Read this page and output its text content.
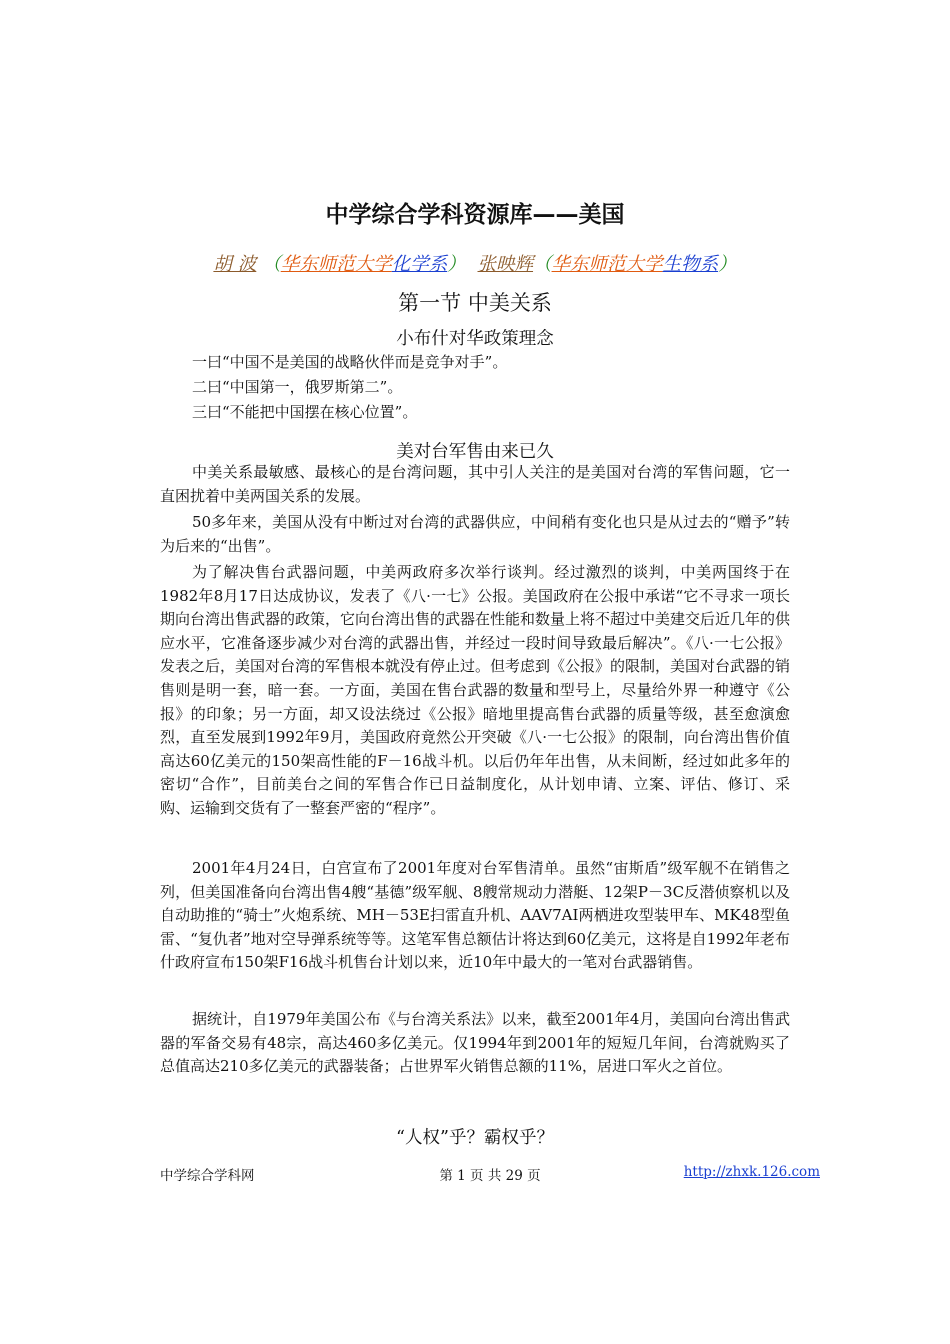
中学综合学科资源库——美国
胡 波 （华东师范大学化学系） 张映辉（华东师范大学生物系）
第一节 中美关系
小布什对华政策理念
一曰“中国不是美国的战略伙伴而是竞争对手”。
二曰“中国第一，俄罗斯第二”。
三曰“不能把中国摆在核心位置”。
美对台军售由来已久

中美关系最敏感、最核心的是台湾问题，其中引人关注的是美国对台湾的军售问题，它一直困扰着中美两国关系的发展。

50多年来，美国从没有中断过对台湾的武器供应，中间稍有变化也只是从过去的“赠予”转为后来的“出售”。

为了解决售台武器问题，中美两政府多次举行谈判。经过激烈的谈判，中美两国终于在1982年8月17日达成协议，发表了《八·一七》公报。美国政府在公报中承诺“它不寻求一项长期向台湾出售武器的政策，它向台湾出售的武器在性能和数量上将不超过中美建交后近几年的供应水平，它准备逐步减少对台湾的武器出售，并经过一段时间导致最后解决”。《八·一七公报》发表之后，美国对台湾的军售根本就没有停止过。但考虑到《公报》的限制，美国对台武器的销售则是明一套，暗一套。一方面，美国在售台武器的数量和型号上，尽量给外界一种遵守《公报》的印象；另一方面，却又设法绕过《公报》暗地里提高售台武器的质量等级，甚至愈演愈烈，直至发展到1992年9月，美国政府竟然公开突破《八·一七公报》的限制，向台湾出售价值高达60亿美元的150架高性能的F－16战斗机。以后仍年年出售，从未间断，经过如此多年的密切“合作”，目前美台之间的军售合作已日益制度化，从计划申请、立案、评估、修订、采购、运输到交货有了一整套严密的“程序”。

2001年4月24日，白宫宣布了2001年度对台军售清单。虽然“宙斯盾”级军舰不在销售之列，但美国准备向台湾出售4艘“基德”级军舰、8艘常规动力潜艇、12架P－3C反潜侦察机以及自动助推的“骑士”火炮系统、MH－53E扫雷直升机、AAV7AI两栖进攻型装甲车、MK48型鱼雷、“复仇者”地对空导弹系统等等。这笔军售总额估计将达到60亿美元，这将是自1992年老布什政府宣布150架F16战斗机售台计划以来，近10年中最大的一笔对台武器销售。

据统计，自1979年美国公布《与台湾关系法》以来，截至2001年4月，美国向台湾出售武器的军备交易有48宗，高达460多亿美元。仅1994年到2001年的短短几年间，台湾就购买了总值高达210多亿美元的武器装备；占世界军火销售总额的11%，居进口军火之首位。

“人权”乎？霸权乎？
中学综合学科网	第 1 页 共 29 页	http://zhxk.126.com
